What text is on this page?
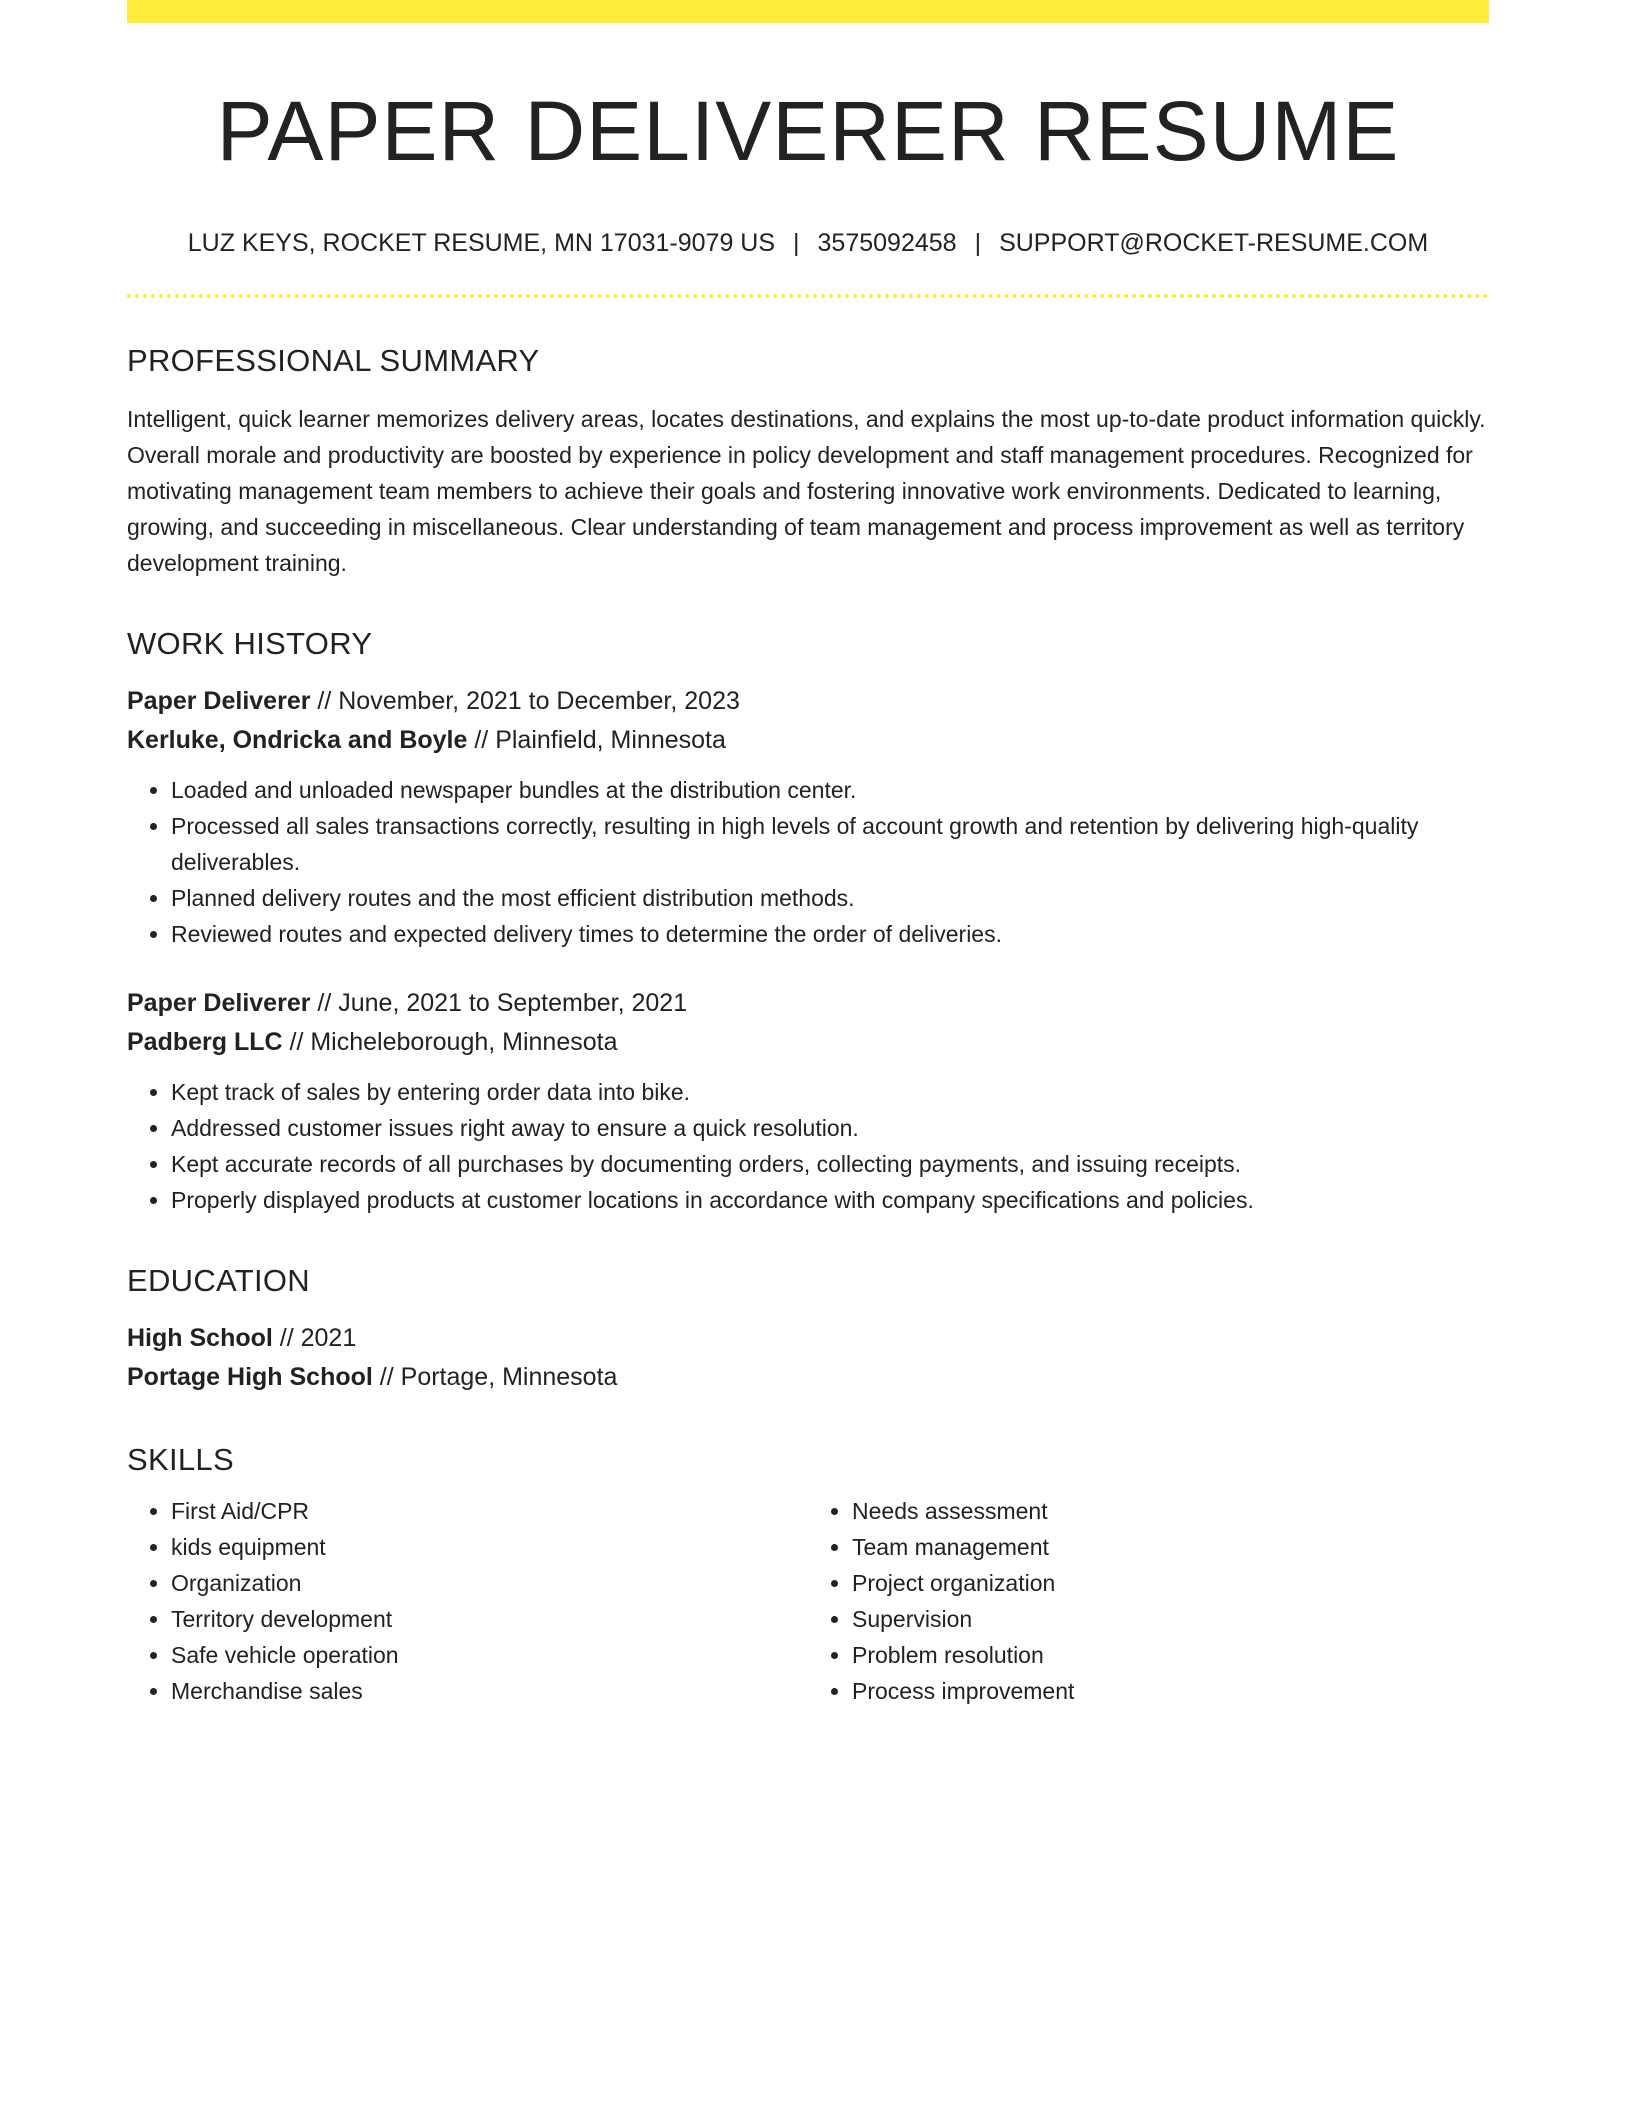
PAPER DELIVERER RESUME
LUZ KEYS, ROCKET RESUME, MN 17031-9079 US | 3575092458 | SUPPORT@ROCKET-RESUME.COM
PROFESSIONAL SUMMARY

Intelligent, quick learner memorizes delivery areas, locates destinations, and explains the most up-to-date product information quickly. Overall morale and productivity are boosted by experience in policy development and staff management procedures. Recognized for motivating management team members to achieve their goals and fostering innovative work environments. Dedicated to learning, growing, and succeeding in miscellaneous. Clear understanding of team management and process improvement as well as territory development training.

WORK HISTORY
Paper Deliverer // November, 2021 to December, 2023
Kerluke, Ondricka and Boyle // Plainfield, Minnesota
• Loaded and unloaded newspaper bundles at the distribution center.
• Processed all sales transactions correctly, resulting in high levels of account growth and retention by delivering high-quality deliverables.
• Planned delivery routes and the most efficient distribution methods.
• Reviewed routes and expected delivery times to determine the order of deliveries.
Paper Deliverer // June, 2021 to September, 2021
Padberg LLC // Micheleborough, Minnesota
• Kept track of sales by entering order data into bike.
• Addressed customer issues right away to ensure a quick resolution.
• Kept accurate records of all purchases by documenting orders, collecting payments, and issuing receipts.
• Properly displayed products at customer locations in accordance with company specifications and policies.
EDUCATION
High School // 2021
Portage High School // Portage, Minnesota
SKILLS
• First Aid/CPR
• kids equipment
• Organization
• Territory development
• Safe vehicle operation
• Merchandise sales
• Needs assessment
• Team management
• Project organization
• Supervision
• Problem resolution
• Process improvement
